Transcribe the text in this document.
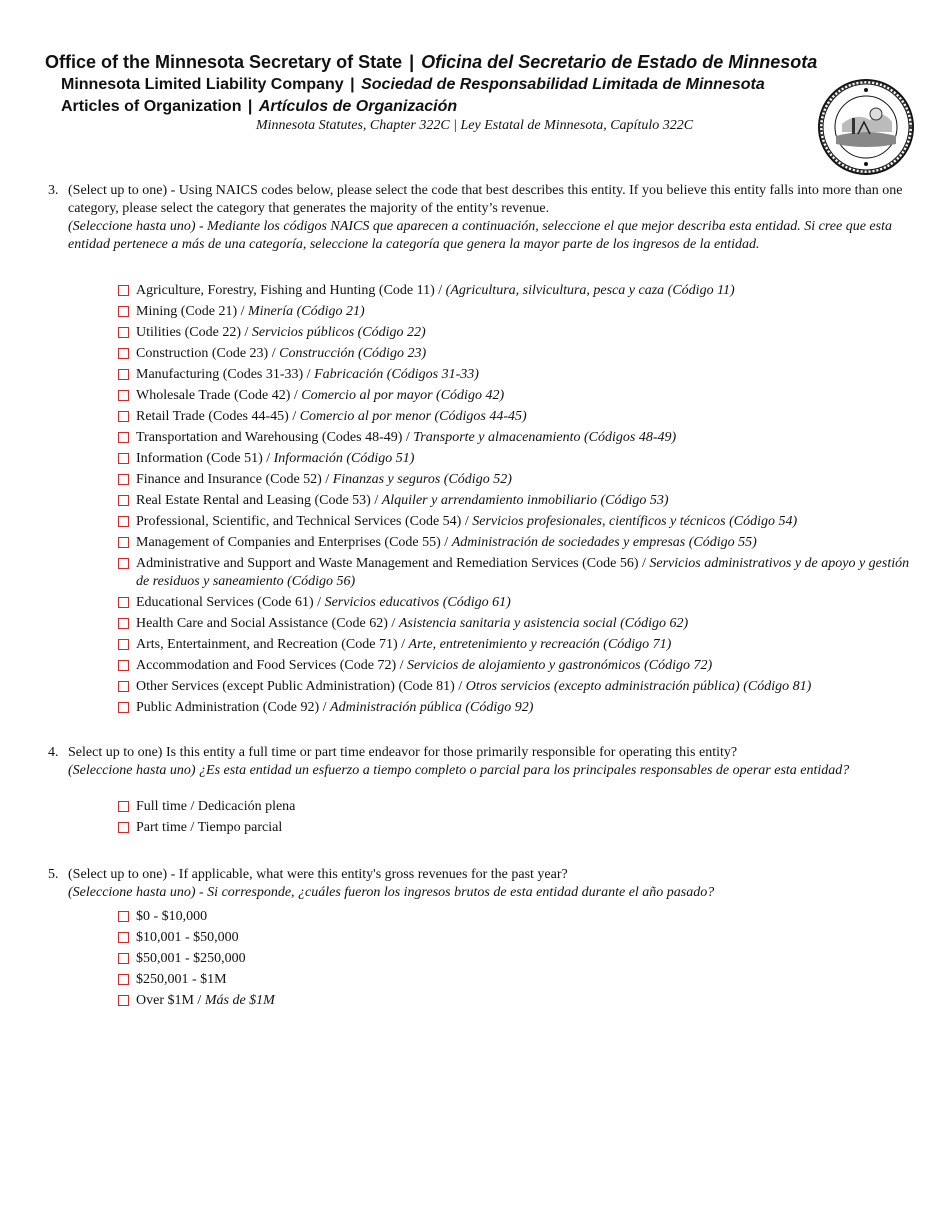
Office of the Minnesota Secretary of State | Oficina del Secretario de Estado de Minnesota
Minnesota Limited Liability Company | Sociedad de Responsabilidad Limitada de Minnesota
Articles of Organization | Artículos de Organización
Minnesota Statutes, Chapter 322C | Ley Estatal de Minnesota, Capítulo 322C
3. (Select up to one) - Using NAICS codes below, please select the code that best describes this entity. If you believe this entity falls into more than one category, please select the category that generates the majority of the entity’s revenue.
(Seleccione hasta uno) - Mediante los códigos NAICS que aparecen a continuación, seleccione el que mejor describa esta entidad. Si cree que esta entidad pertenece a más de una categoría, seleccione la categoría que genera la mayor parte de los ingresos de la entidad.
Agriculture, Forestry, Fishing and Hunting (Code 11) / (Agricultura, silvicultura, pesca y caza (Código 11)
Mining (Code 21) / Minería (Código 21)
Utilities (Code 22) / Servicios públicos (Código 22)
Construction (Code 23) / Construcción (Código 23)
Manufacturing (Codes 31-33) / Fabricación (Códigos 31-33)
Wholesale Trade (Code 42) / Comercio al por mayor (Código 42)
Retail Trade (Codes 44-45) / Comercio al por menor (Códigos 44-45)
Transportation and Warehousing (Codes 48-49) / Transporte y almacenamiento (Códigos 48-49)
Information (Code 51) / Información (Código 51)
Finance and Insurance (Code 52) / Finanzas y seguros (Código 52)
Real Estate Rental and Leasing (Code 53) / Alquiler y arrendamiento inmobiliario (Código 53)
Professional, Scientific, and Technical Services (Code 54) / Servicios profesionales, científicos y técnicos (Código 54)
Management of Companies and Enterprises (Code 55) / Administración de sociedades y empresas (Código 55)
Administrative and Support and Waste Management and Remediation Services (Code 56) / Servicios administrativos y de apoyo y gestión de residuos y saneamiento (Código 56)
Educational Services (Code 61) / Servicios educativos (Código 61)
Health Care and Social Assistance (Code 62) / Asistencia sanitaria y asistencia social (Código 62)
Arts, Entertainment, and Recreation (Code 71) / Arte, entretenimiento y recreación (Código 71)
Accommodation and Food Services (Code 72) / Servicios de alojamiento y gastronómicos (Código 72)
Other Services (except Public Administration) (Code 81) / Otros servicios (excepto administración pública) (Código 81)
Public Administration (Code 92) / Administración pública (Código 92)
4. Select up to one) Is this entity a full time or part time endeavor for those primarily responsible for operating this entity?
(Seleccione hasta uno) ¿Es esta entidad un esfuerzo a tiempo completo o parcial para los principales responsables de operar esta entidad?
Full time / Dedicación plena
Part time / Tiempo parcial
5. (Select up to one) - If applicable, what were this entity's gross revenues for the past year?
(Seleccione hasta uno) - Si corresponde, ¿cuáles fueron los ingresos brutos de esta entidad durante el año pasado?
$0 - $10,000
$10,001 - $50,000
$50,001 - $250,000
$250,001 - $1M
Over $1M / Más de $1M
